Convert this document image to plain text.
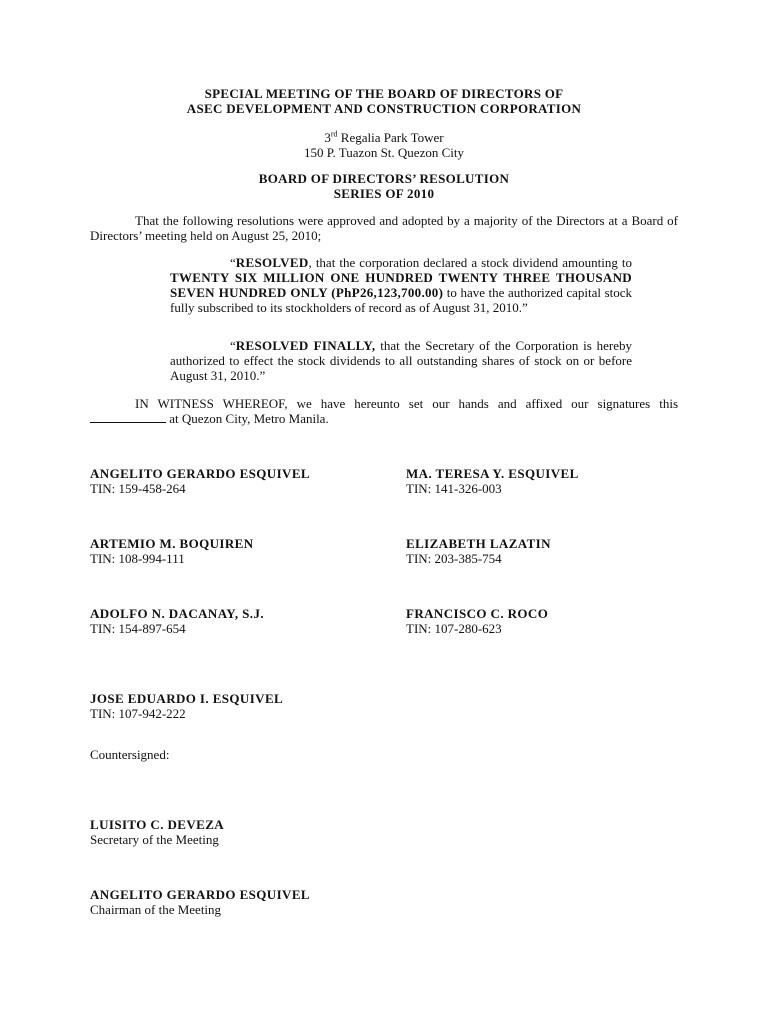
SPECIAL MEETING OF THE BOARD OF DIRECTORS OF
ASEC DEVELOPMENT AND CONSTRUCTION CORPORATION
3rd Regalia Park Tower
150 P. Tuazon St. Quezon City
BOARD OF DIRECTORS’ RESOLUTION
SERIES OF 2010
That the following resolutions were approved and adopted by a majority of the Directors at a Board of Directors’ meeting held on August 25, 2010;
“RESOLVED, that the corporation declared a stock dividend amounting to TWENTY SIX MILLION ONE HUNDRED TWENTY THREE THOUSAND SEVEN HUNDRED ONLY (PhP26,123,700.00) to have the authorized capital stock fully subscribed to its stockholders of record as of August 31, 2010.”
“RESOLVED FINALLY, that the Secretary of the Corporation is hereby authorized to effect the stock dividends to all outstanding shares of stock on or before August 31, 2010.”
IN WITNESS WHEREOF, we have hereunto set our hands and affixed our signatures this  at Quezon City, Metro Manila.
ANGELITO GERARDO ESQUIVEL
TIN: 159-458-264
MA. TERESA Y. ESQUIVEL
TIN: 141-326-003
ARTEMIO M. BOQUIREN
TIN: 108-994-111
ELIZABETH LAZATIN
TIN: 203-385-754
ADOLFO N. DACANAY, S.J.
TIN: 154-897-654
FRANCISCO C. ROCO
TIN: 107-280-623
JOSE EDUARDO I. ESQUIVEL
TIN: 107-942-222
Countersigned:
LUISITO C. DEVEZA
Secretary of the Meeting
ANGELITO GERARDO ESQUIVEL
Chairman of the Meeting
